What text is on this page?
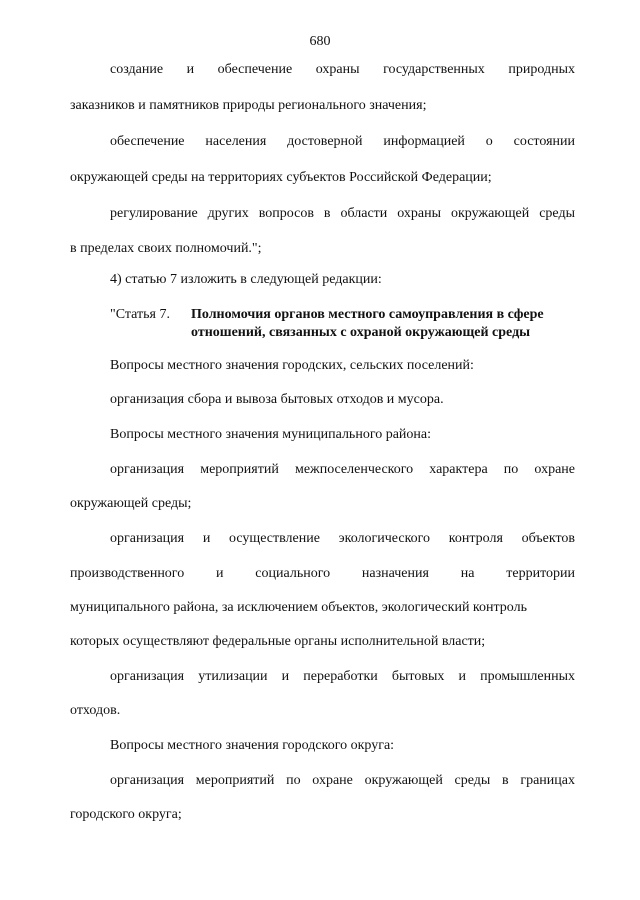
680
создание и обеспечение охраны государственных природных
заказников и памятников природы регионального значения;
обеспечение населения достоверной информацией о состоянии
окружающей среды на территориях субъектов Российской Федерации;
регулирование других вопросов в области охраны окружающей среды
в пределах своих полномочий.";
4) статью 7 изложить в следующей редакции:
"Статья 7. Полномочия органов местного самоуправления в сфере
отношений, связанных с охраной окружающей среды
Вопросы местного значения городских, сельских поселений:
организация сбора и вывоза бытовых отходов и мусора.
Вопросы местного значения муниципального района:
организация мероприятий межпоселенческого характера по охране
окружающей среды;
организация и осуществление экологического контроля объектов
производственного и социального назначения на территории
муниципального района, за исключением объектов, экологический контроль
которых осуществляют федеральные органы исполнительной власти;
организация утилизации и переработки бытовых и промышленных
отходов.
Вопросы местного значения городского округа:
организация мероприятий по охране окружающей среды в границах
городского округа;
